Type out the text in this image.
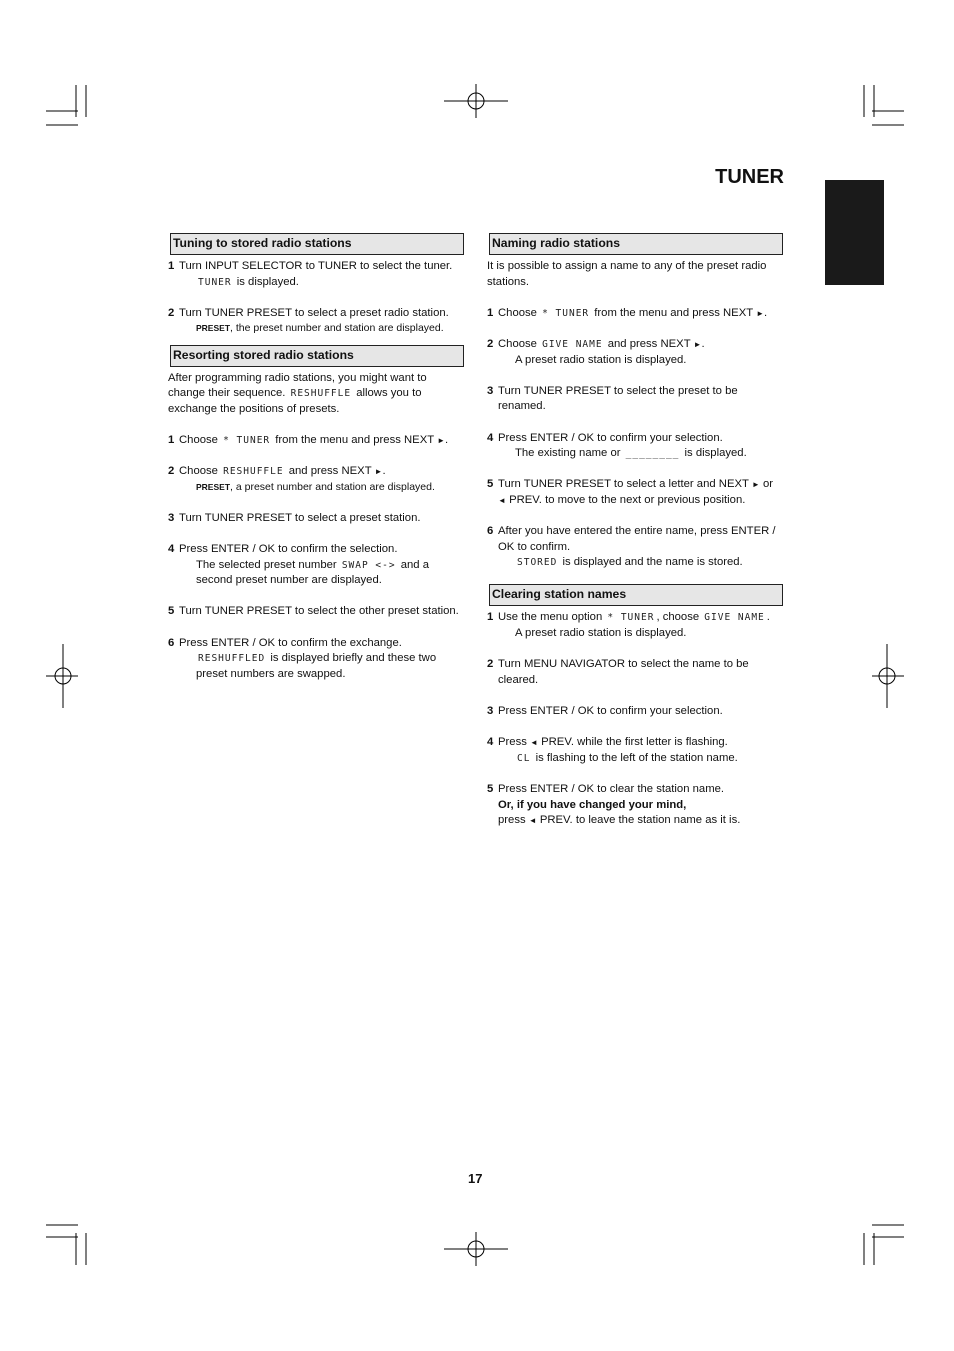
TUNER
Tuning to stored radio stations
1 Turn INPUT SELECTOR to TUNER to select the tuner.
TUNER is displayed.
2 Turn TUNER PRESET to select a preset radio station.
PRESET, the preset number and station are displayed.
Resorting stored radio stations
After programming radio stations, you might want to change their sequence. RESHUFFLE allows you to exchange the positions of presets.
1 Choose * TUNER from the menu and press NEXT ►.
2 Choose RESHUFFLE and press NEXT ►.
PRESET, a preset number and station are displayed.
3 Turn TUNER PRESET to select a preset station.
4 Press ENTER / OK to confirm the selection.
The selected preset number SWAP <-> and a second preset number are displayed.
5 Turn TUNER PRESET to select the other preset station.
6 Press ENTER / OK to confirm the exchange.
RESHUFFLED is displayed briefly and these two preset numbers are swapped.
Naming radio stations
It is possible to assign a name to any of the preset radio stations.
1 Choose * TUNER from the menu and press NEXT ►.
2 Choose GIVE NAME and press NEXT ►.
A preset radio station is displayed.
3 Turn TUNER PRESET to select the preset to be renamed.
4 Press ENTER / OK to confirm your selection.
The existing name or ________ is displayed.
5 Turn TUNER PRESET to select a letter and NEXT ► or ◄ PREV. to move to the next or previous position.
6 After you have entered the entire name, press ENTER / OK to confirm.
STORED is displayed and the name is stored.
Clearing station names
1 Use the menu option * TUNER , choose GIVE NAME .
A preset radio station is displayed.
2 Turn MENU NAVIGATOR to select the name to be cleared.
3 Press ENTER / OK to confirm your selection.
4 Press ◄ PREV. while the first letter is flashing.
CL is flashing to the left of the station name.
5 Press ENTER / OK to clear the station name.
Or, if you have changed your mind,
press ◄ PREV. to leave the station name as it is.
17
